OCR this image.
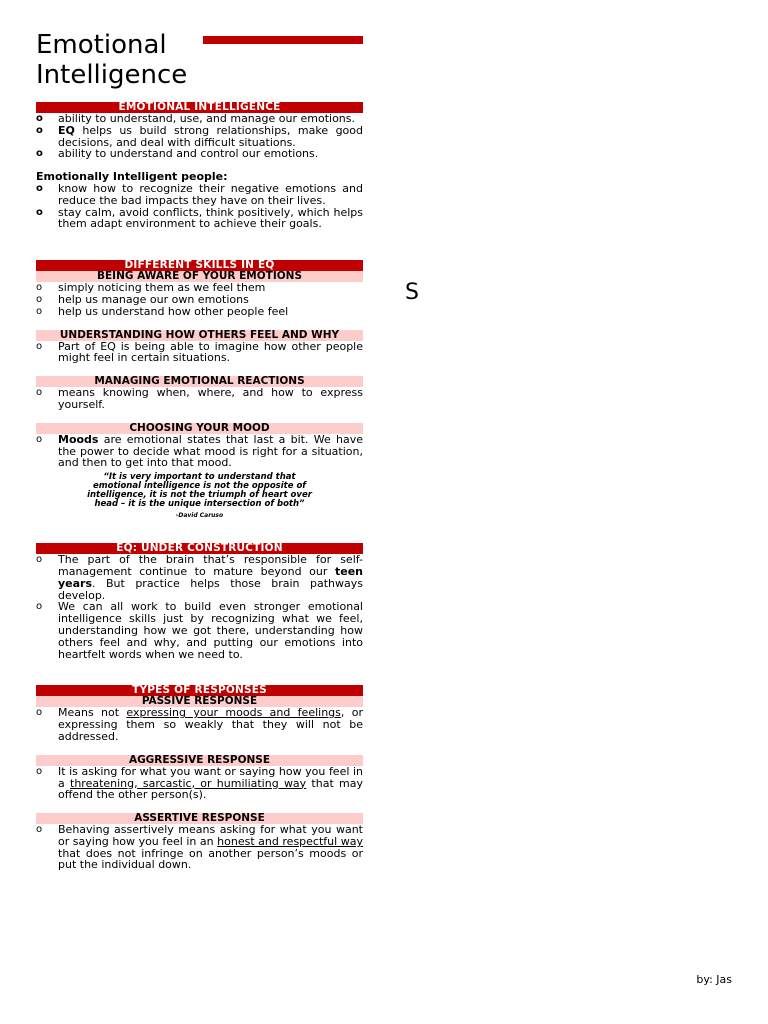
Emotional Intelligence
EMOTIONAL INTELLIGENCE
o ability to understand, use, and manage our emotions.
o EQ helps us build strong relationships, make good decisions, and deal with difficult situations.
o ability to understand and control our emotions.
Emotionally Intelligent people:
o know how to recognize their negative emotions and reduce the bad impacts they have on their lives.
o stay calm, avoid conflicts, think positively, which helps them adapt environment to achieve their goals.
DIFFERENT SKILLS IN EQ
BEING AWARE OF YOUR EMOTIONS
o simply noticing them as we feel them
o help us manage our own emotions
o help us understand how other people feel
UNDERSTANDING HOW OTHERS FEEL AND WHY
o Part of EQ is being able to imagine how other people might feel in certain situations.
MANAGING EMOTIONAL REACTIONS
o means knowing when, where, and how to express yourself.
CHOOSING YOUR MOOD
o Moods are emotional states that last a bit. We have the power to decide what mood is right for a situation, and then to get into that mood.
“It is very important to understand that emotional intelligence is not the opposite of intelligence, it is not the triumph of heart over head – it is the unique intersection of both”
-David Caruso
EQ: UNDER CONSTRUCTION
o The part of the brain that’s responsible for self-management continue to mature beyond our teen years. But practice helps those brain pathways develop.
o We can all work to build even stronger emotional intelligence skills just by recognizing what we feel, understanding how we got there, understanding how others feel and why, and putting our emotions into heartfelt words when we need to.
TYPES OF RESPONSES
PASSIVE RESPONSE
o Means not expressing your moods and feelings, or expressing them so weakly that they will not be addressed.
AGGRESSIVE RESPONSE
o It is asking for what you want or saying how you feel in a threatening, sarcastic, or humiliating way that may offend the other person(s).
ASSERTIVE RESPONSE
o Behaving assertively means asking for what you want or saying how you feel in an honest and respectful way that does not infringe on another person’s moods or put the individual down.
S
by: Jas
